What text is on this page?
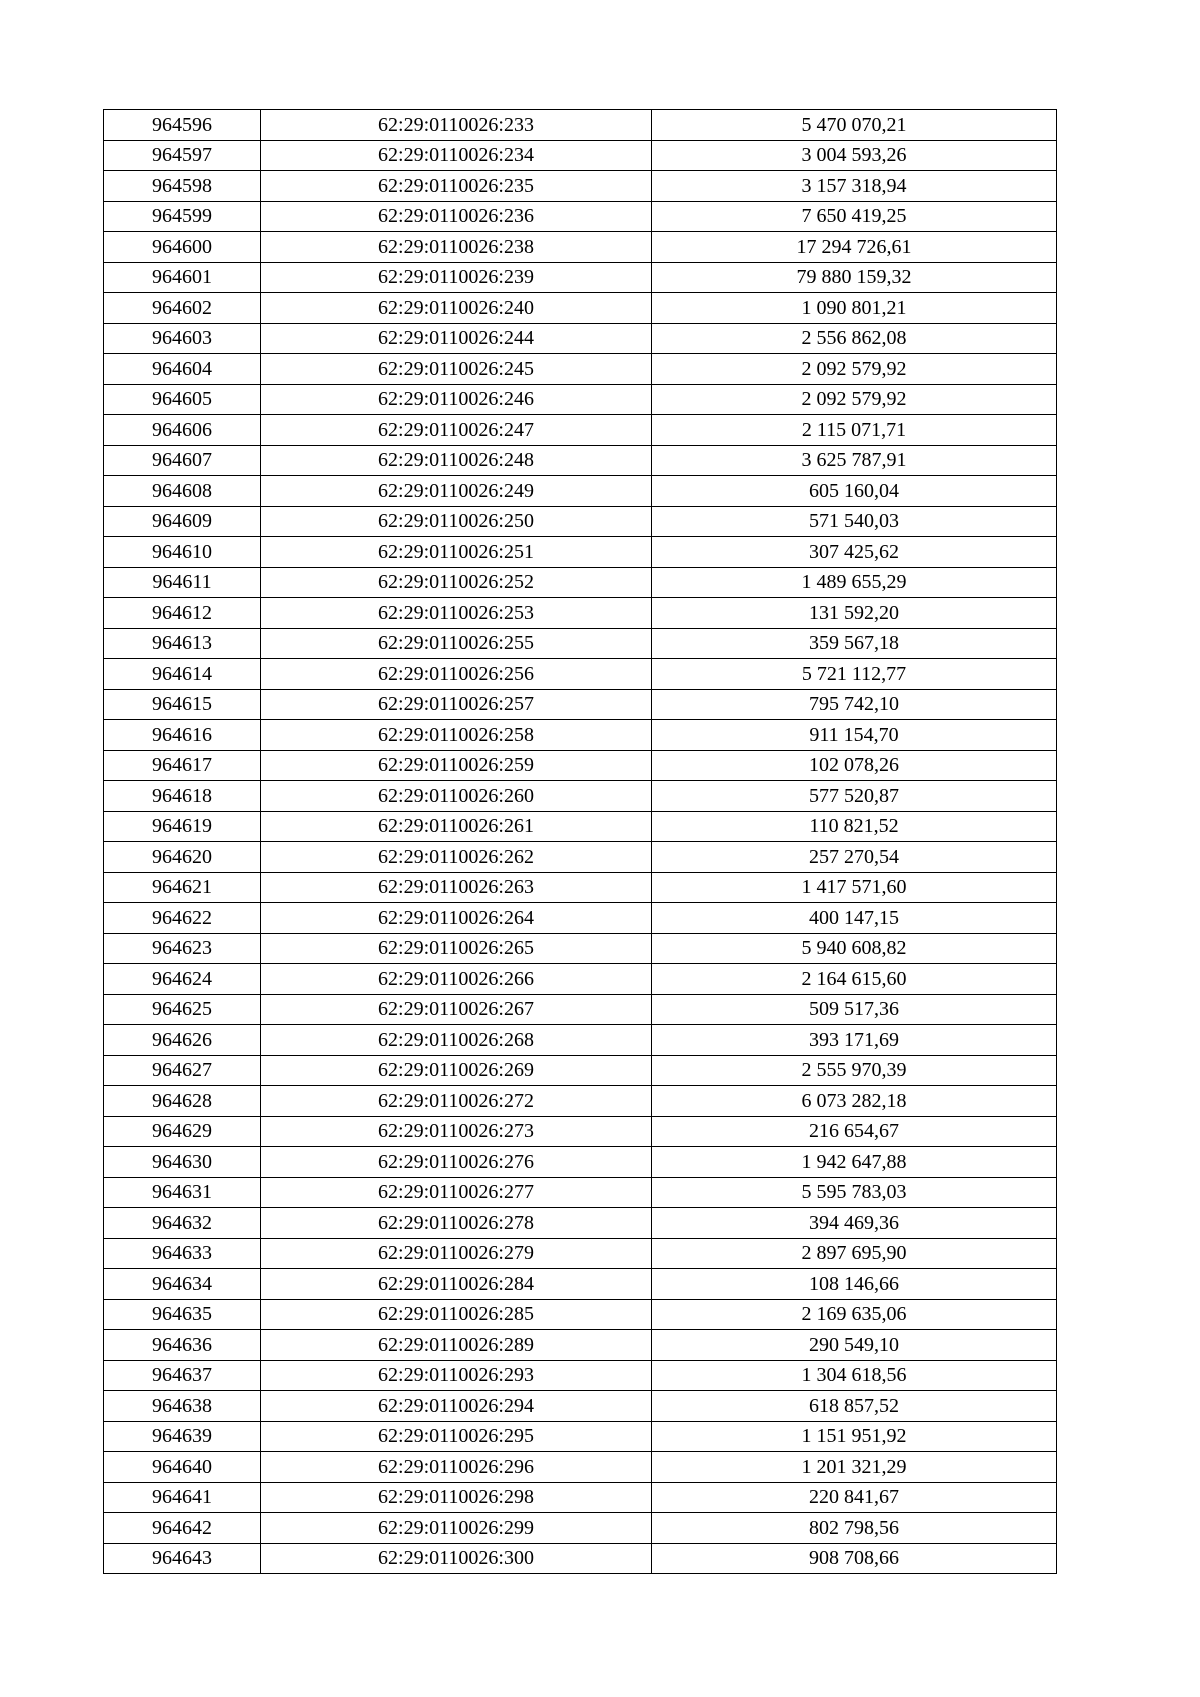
964596	62:29:0110026:233	5 470 070,21
964597	62:29:0110026:234	3 004 593,26
964598	62:29:0110026:235	3 157 318,94
964599	62:29:0110026:236	7 650 419,25
964600	62:29:0110026:238	17 294 726,61
964601	62:29:0110026:239	79 880 159,32
964602	62:29:0110026:240	1 090 801,21
964603	62:29:0110026:244	2 556 862,08
964604	62:29:0110026:245	2 092 579,92
964605	62:29:0110026:246	2 092 579,92
964606	62:29:0110026:247	2 115 071,71
964607	62:29:0110026:248	3 625 787,91
964608	62:29:0110026:249	605 160,04
964609	62:29:0110026:250	571 540,03
964610	62:29:0110026:251	307 425,62
964611	62:29:0110026:252	1 489 655,29
964612	62:29:0110026:253	131 592,20
964613	62:29:0110026:255	359 567,18
964614	62:29:0110026:256	5 721 112,77
964615	62:29:0110026:257	795 742,10
964616	62:29:0110026:258	911 154,70
964617	62:29:0110026:259	102 078,26
964618	62:29:0110026:260	577 520,87
964619	62:29:0110026:261	110 821,52
964620	62:29:0110026:262	257 270,54
964621	62:29:0110026:263	1 417 571,60
964622	62:29:0110026:264	400 147,15
964623	62:29:0110026:265	5 940 608,82
964624	62:29:0110026:266	2 164 615,60
964625	62:29:0110026:267	509 517,36
964626	62:29:0110026:268	393 171,69
964627	62:29:0110026:269	2 555 970,39
964628	62:29:0110026:272	6 073 282,18
964629	62:29:0110026:273	216 654,67
964630	62:29:0110026:276	1 942 647,88
964631	62:29:0110026:277	5 595 783,03
964632	62:29:0110026:278	394 469,36
964633	62:29:0110026:279	2 897 695,90
964634	62:29:0110026:284	108 146,66
964635	62:29:0110026:285	2 169 635,06
964636	62:29:0110026:289	290 549,10
964637	62:29:0110026:293	1 304 618,56
964638	62:29:0110026:294	618 857,52
964639	62:29:0110026:295	1 151 951,92
964640	62:29:0110026:296	1 201 321,29
964641	62:29:0110026:298	220 841,67
964642	62:29:0110026:299	802 798,56
964643	62:29:0110026:300	908 708,66
